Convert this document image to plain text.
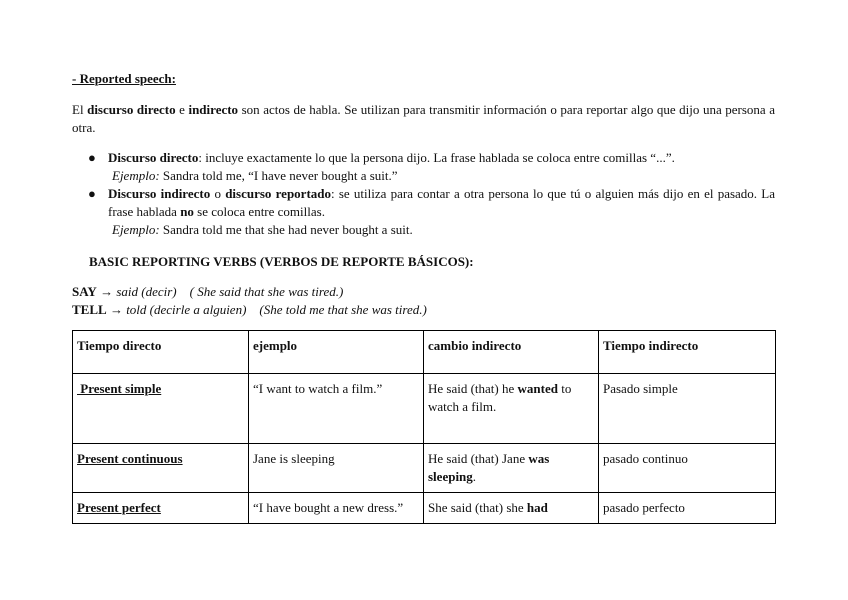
- Reported speech:

El discurso directo e indirecto son actos de habla. Se utilizan para transmitir información o para reportar algo que dijo una persona a otra.

● Discurso directo: incluye exactamente lo que la persona dijo. La frase hablada se coloca entre comillas “...”.
Ejemplo: Sandra told me, “I have never bought a suit.”
● Discurso indirecto o discurso reportado: se utiliza para contar a otra persona lo que tú o alguien más dijo en el pasado. La frase hablada no se coloca entre comillas.
Ejemplo: Sandra told me that she had never bought a suit.

BASIC REPORTING VERBS (VERBOS DE REPORTE BÁSICOS):

SAY → said (decir)    ( She said that she was tired.)

TELL → told (decirle a alguien)    (She told me that she was tired.)

Tiempo directo	ejemplo	cambio indirecto	Tiempo indirecto
Present simple	“I want to watch a film.”	He said (that) he wanted to watch a film.	Pasado simple
Present continuous	Jane is sleeping	He said (that) Jane was sleeping.	pasado continuo
Present perfect	“I have bought a new dress.”	She said (that) she had	pasado perfecto
